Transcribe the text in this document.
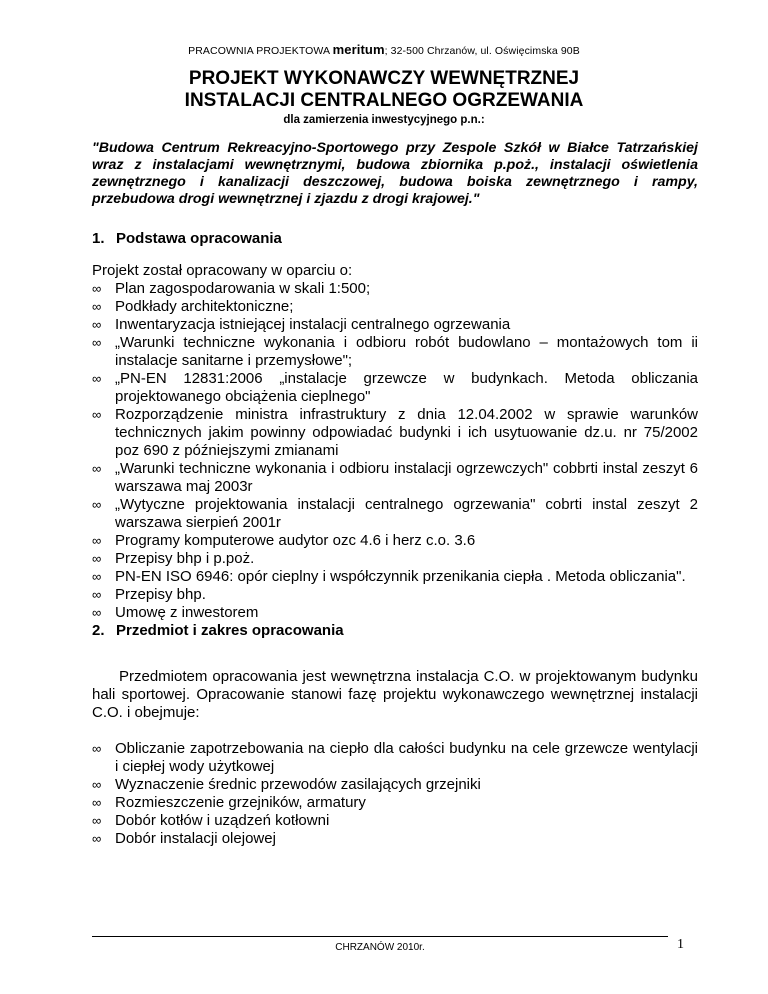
PRACOWNIA PROJEKTOWA meritum; 32-500 Chrzanów, ul. Oświęcimska 90B
PROJEKT WYKONAWCZY WEWNĘTRZNEJ
INSTALACJI CENTRALNEGO OGRZEWANIA
dla zamierzenia inwestycyjnego p.n.:
"Budowa Centrum Rekreacyjno-Sportowego przy Zespole Szkół w Białce Tatrzańskiej wraz z instalacjami wewnętrznymi, budowa zbiornika p.poż., instalacji oświetlenia zewnętrznego i kanalizacji deszczowej, budowa boiska zewnętrznego i rampy, przebudowa drogi wewnętrznej i zjazdu z drogi krajowej."
1. Podstawa opracowania
Projekt został opracowany w oparciu o:
∞ Plan zagospodarowania w skali 1:500;
∞ Podkłady architektoniczne;
∞ Inwentaryzacja istniejącej instalacji centralnego ogrzewania
∞ „Warunki techniczne wykonania i odbioru robót budowlano – montażowych tom ii instalacje sanitarne i przemysłowe";
∞ „PN-EN 12831:2006 „instalacje grzewcze w budynkach. Metoda obliczania projektowanego obciążenia cieplnego"
∞ Rozporządzenie ministra infrastruktury z dnia 12.04.2002 w sprawie warunków technicznych jakim powinny odpowiadać budynki i ich usytuowanie dz.u. nr 75/2002 poz 690 z późniejszymi zmianami
∞ „Warunki techniczne wykonania i odbioru instalacji ogrzewczych" cobbrti instal zeszyt 6 warszawa maj 2003r
∞ „Wytyczne projektowania instalacji centralnego ogrzewania" cobrti instal zeszyt 2 warszawa sierpień 2001r
∞ Programy komputerowe audytor ozc 4.6 i herz c.o. 3.6
∞ Przepisy bhp i p.poż.
∞ PN-EN ISO 6946: opór cieplny i współczynnik przenikania ciepła . Metoda obliczania".
∞ Przepisy bhp.
∞ Umowę z inwestorem
2. Przedmiot i zakres opracowania
Przedmiotem opracowania jest wewnętrzna instalacja C.O. w projektowanym budynku hali sportowej. Opracowanie stanowi fazę projektu wykonawczego wewnętrznej instalacji C.O. i obejmuje:
∞ Obliczanie zapotrzebowania na ciepło dla całości budynku na cele grzewcze wentylacji i ciepłej wody użytkowej
∞ Wyznaczenie średnic przewodów zasilających grzejniki
∞ Rozmieszczenie grzejników, armatury
∞ Dobór kotłów i uządzeń kotłowni
∞ Dobór instalacji olejowej
CHRZANÓW 2010r.	1
